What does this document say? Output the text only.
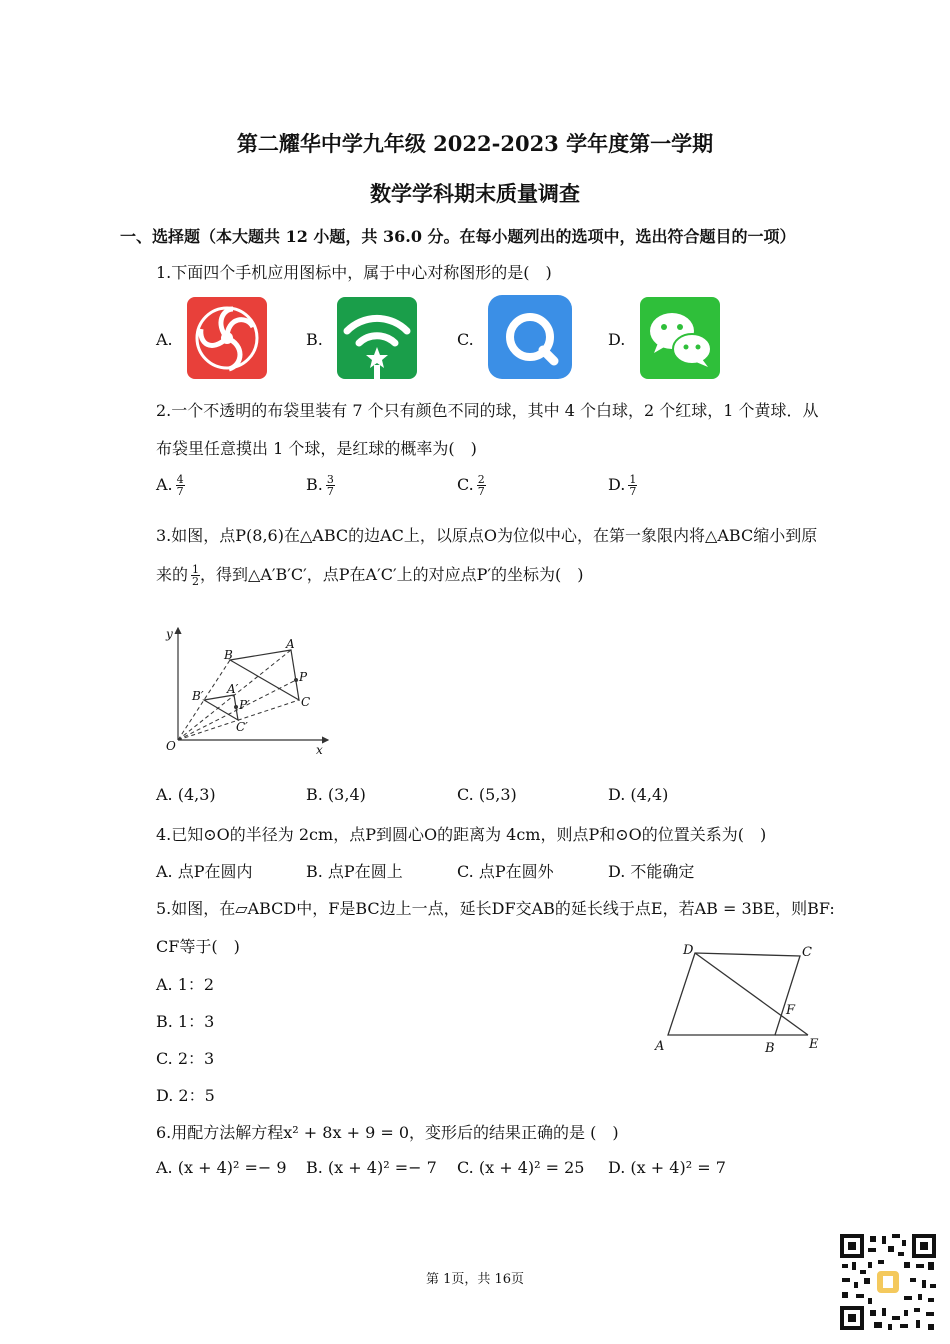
第二耀华中学九年级 2022-2023 学年度第一学期
数学学科期末质量调查
一、选择题（本大题共 12 小题，共 36.0 分。在每小题列出的选项中，选出符合题目的一项）
1.下面四个手机应用图标中，属于中心对称图形的是(　)
A.	B.	C.	D.
2.一个不透明的布袋里装有 7 个只有颜色不同的球，其中 4 个白球，2 个红球，1 个黄球．从
布袋里任意摸出 1 个球，是红球的概率为(　)
A. $\frac{4}{7}$	B. $\frac{3}{7}$	C. $\frac{2}{7}$	D. $\frac{1}{7}$
3.如图，点P(8,6)在△ABC的边AC上，以原点O为位似中心，在第一象限内将△ABC缩小到原
来的 $\frac{1}{2}$ ，得到△A′B′C′，点P在A′C′上的对应点P′的坐标为(　)
y
x
O
A
B
C
P
A′
B′
C′
P′
A. (4,3)	B. (3,4)	C. (5,3)	D. (4,4)
4.已知⊙O的半径为 2cm，点P到圆心O的距离为 4cm，则点P和⊙O的位置关系为(　)
A. 点P在圆内	B. 点P在圆上	C. 点P在圆外	D. 不能确定
5.如图，在▱ABCD中，F是BC边上一点，延长DF交AB的延长线于点E，若AB = 3BE，则BF:
CF等于(　)
A. 1：2
B. 1：3
C. 2：3
D. 2：5
D	C
A	B	E
F
6.用配方法解方程x² + 8x + 9 = 0，变形后的结果正确的是 (　)
A. (x + 4)² =− 9 B. (x + 4)² =− 7 C. (x + 4)² = 25 D. (x + 4)² = 7
第 1页，共 16页
